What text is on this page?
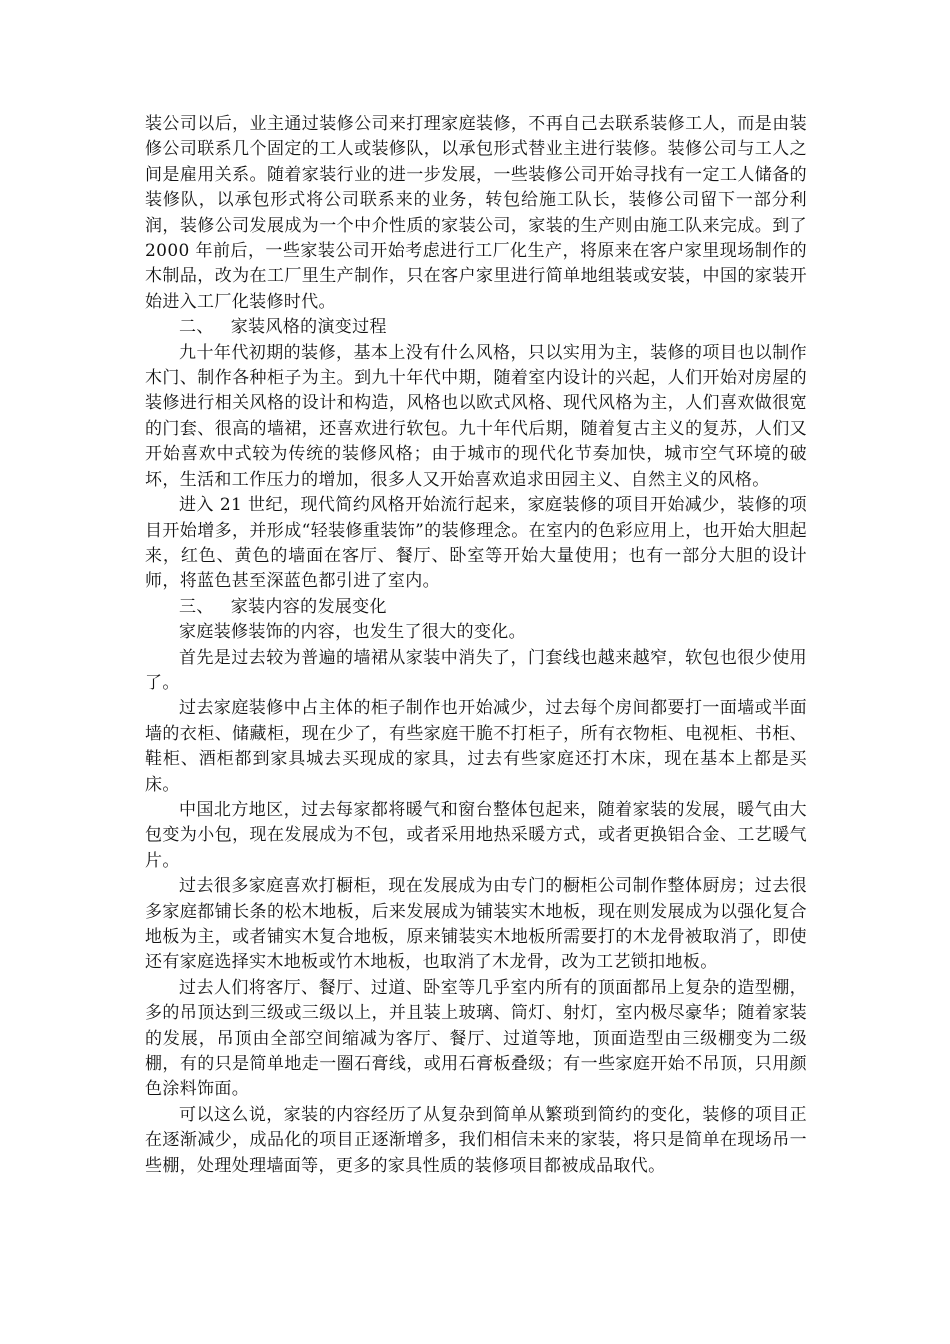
装公司以后，业主通过装修公司来打理家庭装修，不再自己去联系装修工人，而是由装修公司联系几个固定的工人或装修队，以承包形式替业主进行装修。装修公司与工人之间是雇用关系。随着家装行业的进一步发展，一些装修公司开始寻找有一定工人储备的装修队，以承包形式将公司联系来的业务，转包给施工队长，装修公司留下一部分利润，装修公司发展成为一个中介性质的家装公司，家装的生产则由施工队来完成。到了 2000 年前后，一些家装公司开始考虑进行工厂化生产，将原来在客户家里现场制作的木制品，改为在工厂里生产制作，只在客户家里进行简单地组装或安装，中国的家装开始进入工厂化装修时代。

二、 家装风格的演变过程

九十年代初期的装修，基本上没有什么风格，只以实用为主，装修的项目也以制作木门、制作各种柜子为主。到九十年代中期，随着室内设计的兴起，人们开始对房屋的装修进行相关风格的设计和构造，风格也以欧式风格、现代风格为主，人们喜欢做很宽的门套、很高的墙裙，还喜欢进行软包。九十年代后期，随着复古主义的复苏，人们又开始喜欢中式较为传统的装修风格；由于城市的现代化节奏加快，城市空气环境的破坏，生活和工作压力的增加，很多人又开始喜欢追求田园主义、自然主义的风格。

进入 21 世纪，现代简约风格开始流行起来，家庭装修的项目开始减少，装修的项目开始增多，并形成“轻装修重装饰”的装修理念。在室内的色彩应用上，也开始大胆起来，红色、黄色的墙面在客厅、餐厅、卧室等开始大量使用；也有一部分大胆的设计师，将蓝色甚至深蓝色都引进了室内。

三、 家装内容的发展变化

家庭装修装饰的内容，也发生了很大的变化。

首先是过去较为普遍的墙裙从家装中消失了，门套线也越来越窄，软包也很少使用了。

过去家庭装修中占主体的柜子制作也开始减少，过去每个房间都要打一面墙或半面墙的衣柜、储藏柜，现在少了，有些家庭干脆不打柜子，所有衣物柜、电视柜、书柜、鞋柜、酒柜都到家具城去买现成的家具，过去有些家庭还打木床，现在基本上都是买床。

中国北方地区，过去每家都将暖气和窗台整体包起来，随着家装的发展，暖气由大包变为小包，现在发展成为不包，或者采用地热采暖方式，或者更换铝合金、工艺暖气片。

过去很多家庭喜欢打橱柜，现在发展成为由专门的橱柜公司制作整体厨房；过去很多家庭都铺长条的松木地板，后来发展成为铺装实木地板，现在则发展成为以强化复合地板为主，或者铺实木复合地板，原来铺装实木地板所需要打的木龙骨被取消了，即使还有家庭选择实木地板或竹木地板，也取消了木龙骨，改为工艺锁扣地板。

过去人们将客厅、餐厅、过道、卧室等几乎室内所有的顶面都吊上复杂的造型棚，多的吊顶达到三级或三级以上，并且装上玻璃、筒灯、射灯，室内极尽豪华；随着家装的发展，吊顶由全部空间缩减为客厅、餐厅、过道等地，顶面造型由三级棚变为二级棚，有的只是简单地走一圈石膏线，或用石膏板叠级；有一些家庭开始不吊顶，只用颜色涂料饰面。

可以这么说，家装的内容经历了从复杂到简单从繁琐到简约的变化，装修的项目正在逐渐减少，成品化的项目正逐渐增多，我们相信未来的家装，将只是简单在现场吊一些棚，处理处理墙面等，更多的家具性质的装修项目都被成品取代。
